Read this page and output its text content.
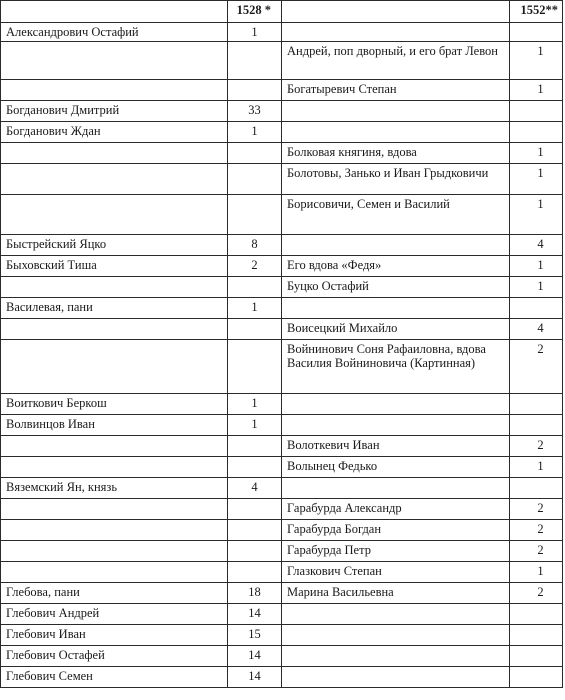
	1528 *		1552**
Александрович Остафий	1		
		Андрей, поп дворный, и его брат Левон	1
		Богатыревич Степан	1
Богданович Дмитрий	33		
Богданович Ждан	1		
		Болковая княгиня, вдова	1
		Болотовы, Занько и Иван Грыдковичи	1
		Борисовичи, Семен и Василий	1
Быстрейский Яцко	8		4
Быховский Тиша	2	Его вдова «Федя»	1
		Буцко Остафий	1
Василевая, пани	1		
		Воисецкий Михайло	4
		Войнинович Соня Рафаиловна, вдова Василия Войниновича (Картинная)	2
Воиткович Беркош	1		
Волвинцов Иван	1		
		Волоткевич Иван	2
		Волынец Федько	1
Вяземский Ян, князь	4		
		Гарабурда Александр	2
		Гарабурда Богдан	2
		Гарабурда Петр	2
		Глазкович Степан	1
Глебова, пани	18	Марина Васильевна	2
Глебович Андрей	14		
Глебович Иван	15		
Глебович Остафей	14		
Глебович Семен	14		
